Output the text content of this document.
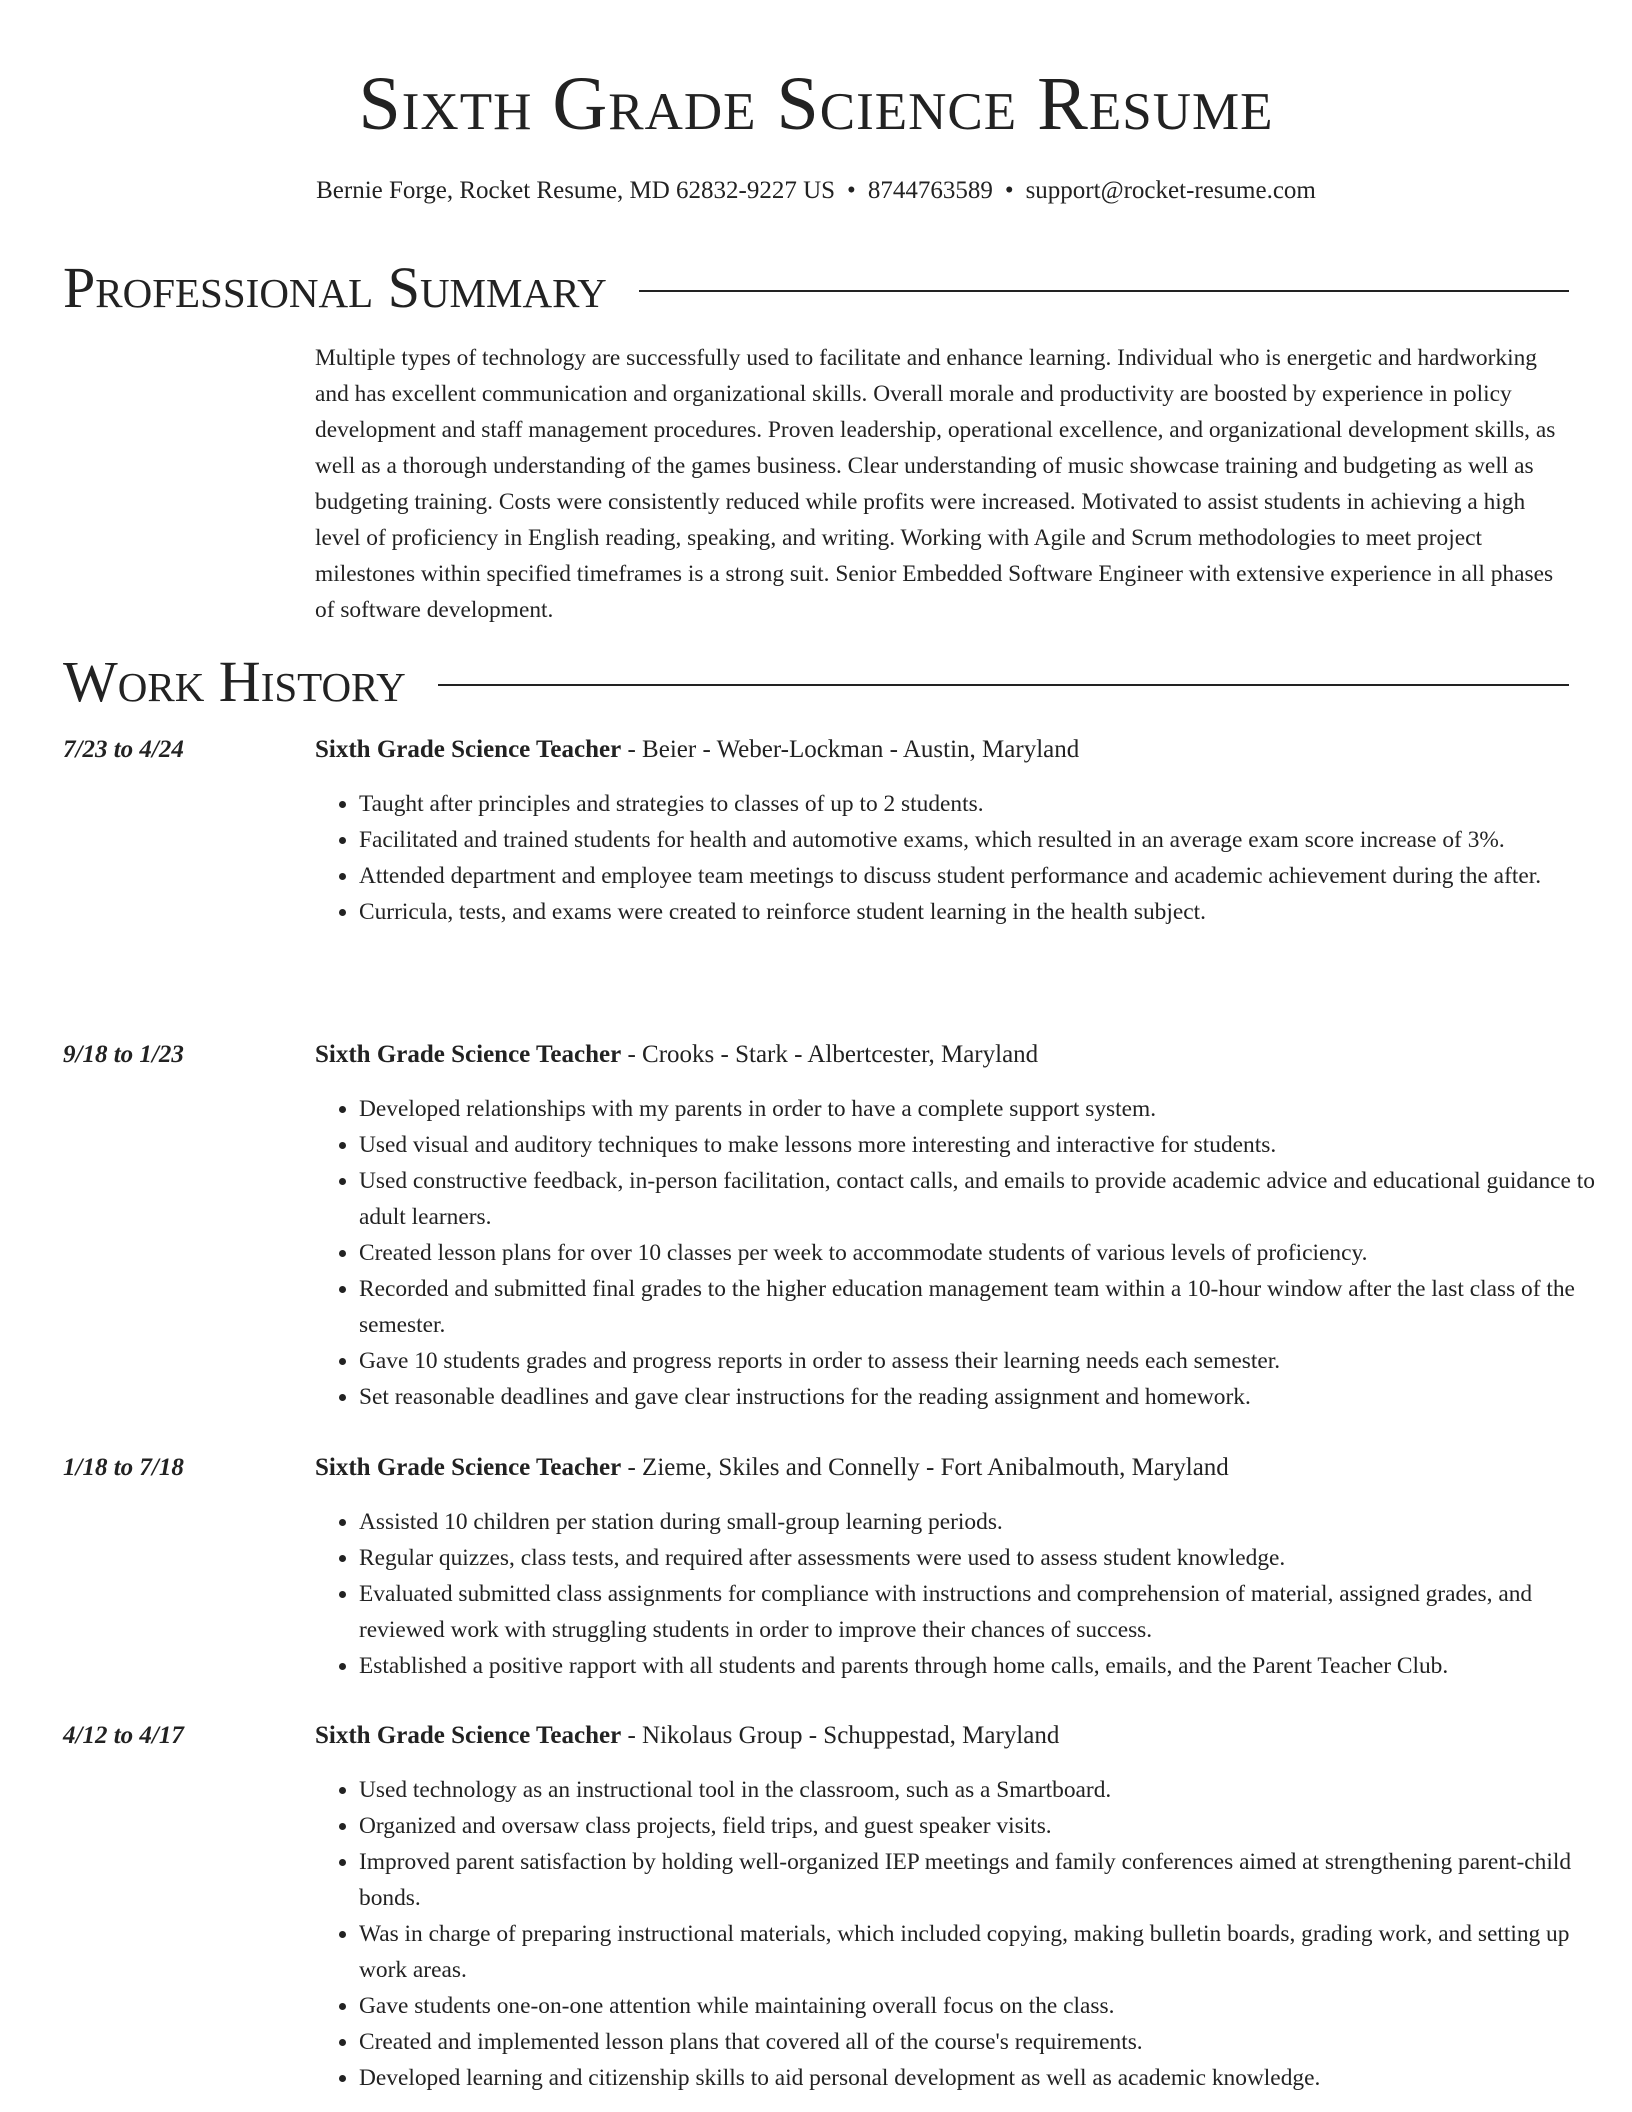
Sixth Grade Science Resume
Bernie Forge, Rocket Resume, MD 62832-9227 US • 8744763589 • support@rocket-resume.com
Professional Summary

Multiple types of technology are successfully used to facilitate and enhance learning. Individual who is energetic and hardworking and has excellent communication and organizational skills. Overall morale and productivity are boosted by experience in policy development and staff management procedures. Proven leadership, operational excellence, and organizational development skills, as well as a thorough understanding of the games business. Clear understanding of music showcase training and budgeting as well as budgeting training. Costs were consistently reduced while profits were increased. Motivated to assist students in achieving a high level of proficiency in English reading, speaking, and writing. Working with Agile and Scrum methodologies to meet project milestones within specified timeframes is a strong suit. Senior Embedded Software Engineer with extensive experience in all phases of software development.

Work History
7/23 to 4/24	Sixth Grade Science Teacher - Beier - Weber-Lockman - Austin, Maryland
• Taught after principles and strategies to classes of up to 2 students.
• Facilitated and trained students for health and automotive exams, which resulted in an average exam score increase of 3%.
• Attended department and employee team meetings to discuss student performance and academic achievement during the after.
• Curricula, tests, and exams were created to reinforce student learning in the health subject.
9/18 to 1/23	Sixth Grade Science Teacher - Crooks - Stark - Albertcester, Maryland
• Developed relationships with my parents in order to have a complete support system.
• Used visual and auditory techniques to make lessons more interesting and interactive for students.
• Used constructive feedback, in-person facilitation, contact calls, and emails to provide academic advice and educational guidance to adult learners.
• Created lesson plans for over 10 classes per week to accommodate students of various levels of proficiency.
• Recorded and submitted final grades to the higher education management team within a 10-hour window after the last class of the semester.
• Gave 10 students grades and progress reports in order to assess their learning needs each semester.
• Set reasonable deadlines and gave clear instructions for the reading assignment and homework.
1/18 to 7/18	Sixth Grade Science Teacher - Zieme, Skiles and Connelly - Fort Anibalmouth, Maryland
• Assisted 10 children per station during small-group learning periods.
• Regular quizzes, class tests, and required after assessments were used to assess student knowledge.
• Evaluated submitted class assignments for compliance with instructions and comprehension of material, assigned grades, and reviewed work with struggling students in order to improve their chances of success.
• Established a positive rapport with all students and parents through home calls, emails, and the Parent Teacher Club.
4/12 to 4/17	Sixth Grade Science Teacher - Nikolaus Group - Schuppestad, Maryland
• Used technology as an instructional tool in the classroom, such as a Smartboard.
• Organized and oversaw class projects, field trips, and guest speaker visits.
• Improved parent satisfaction by holding well-organized IEP meetings and family conferences aimed at strengthening parent-child bonds.
• Was in charge of preparing instructional materials, which included copying, making bulletin boards, grading work, and setting up work areas.
• Gave students one-on-one attention while maintaining overall focus on the class.
• Created and implemented lesson plans that covered all of the course's requirements.
• Developed learning and citizenship skills to aid personal development as well as academic knowledge.
